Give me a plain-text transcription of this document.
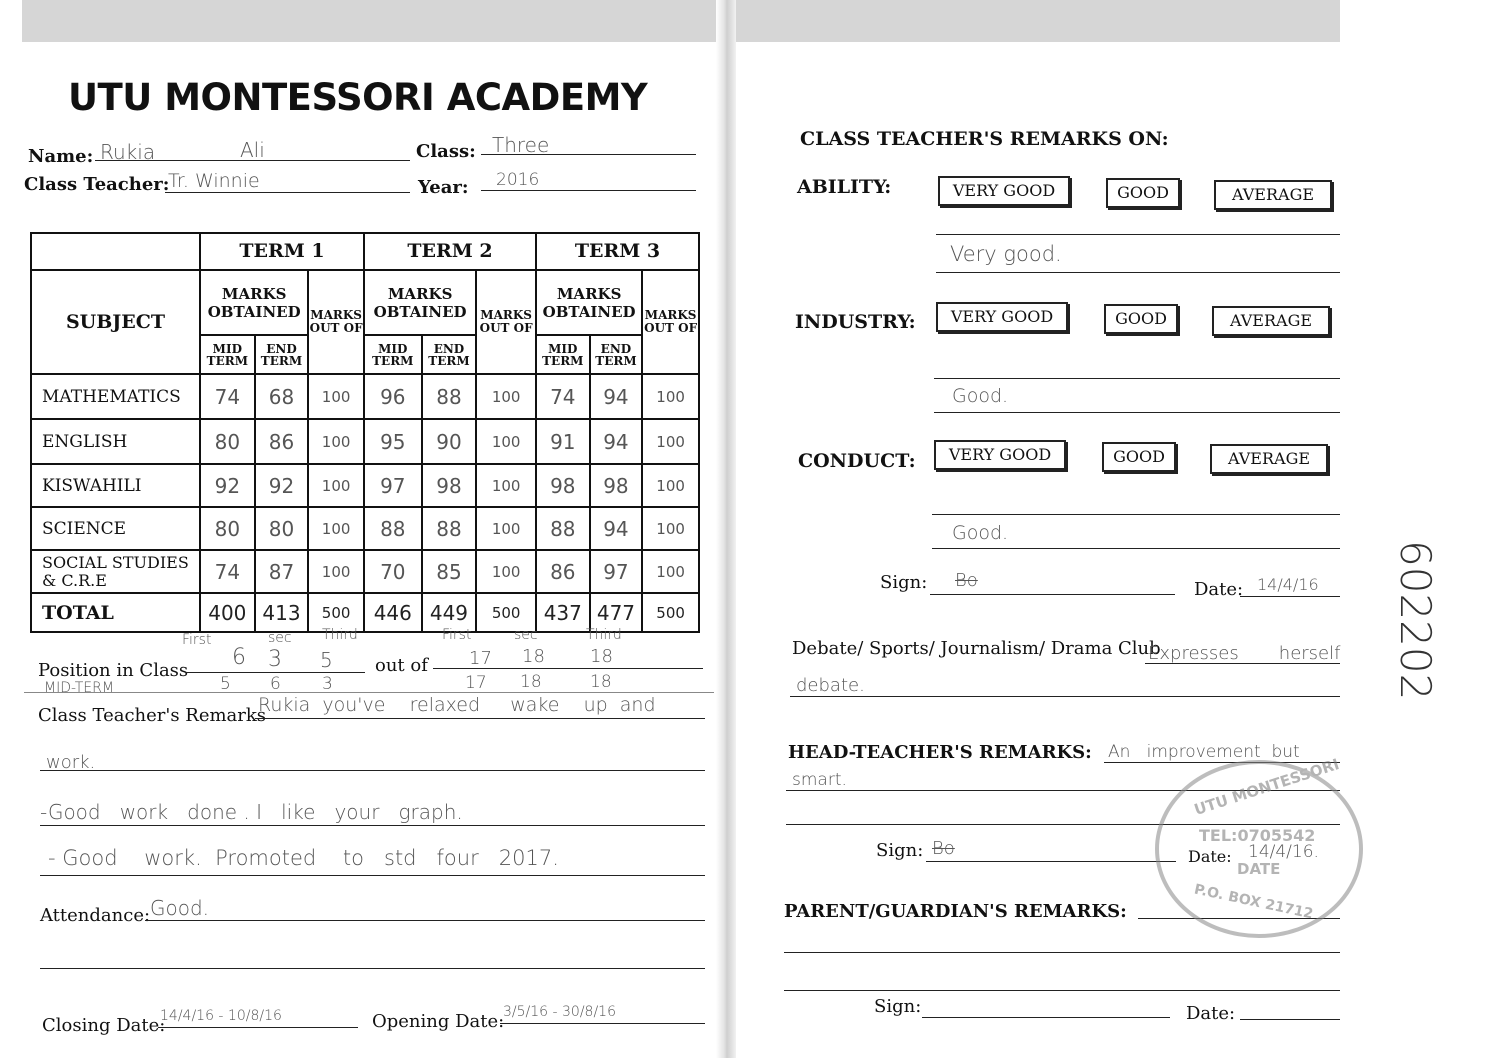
UTU MONTESSORI ACADEMY
Name: Rukia	Ali	Class: Three
Class Teacher:
Tr. Winnie	Year: 2016
	TERM 1			TERM 2			TERM 3		
SUBJECT	MARKS OBTAINED		MARKS OUT OF	MARKS OBTAINED		MARKS OUT OF	MARKS OBTAINED		MARKS OUT OF
	MID TERM	END TERM		MID TERM	END TERM		MID TERM	END TERM	
MATHEMATICS	74	68	100	96	88	100	74	94	100
ENGLISH	80	86	100	95	90	100	91	94	100
KISWAHILI	92	92	100	97	98	100	98	98	100
SCIENCE	80	80	100	88	88	100	88	94	100
SOCIAL STUDIES & C.R.E	74	87	100	70	85	100	86	97	100
TOTAL	400	413	500	446	449	500	437	477	500
Position in Class
MID-TERM
First	sec Third
6 3 5
5 6 3
out of
First	sec	Third
17 18	18
17 18	18
Class Teacher's Remarks
Rukia  you've    relaxed     wake    up  and
work.
-Good   work   done . I   like   your   graph.
- Good    work.  Promoted    to   std   four   2017.
Attendance: Good.
Closing Date:
14/4/16 - 10/8/16	Opening Date:
3/5/16 - 30/8/16
CLASS TEACHER'S REMARKS ON:
ABILITY:	VERY GOOD	GOOD	AVERAGE
Very good.
INDUSTRY:	VERY GOOD	GOOD	AVERAGE
Good.
CONDUCT:	VERY GOOD	GOOD	AVERAGE
Good.
Sign: Bo	Date: 14/4/16
Debate/ Sports/ Journalism/ Drama Club
Expresses       herself
debate.
HEAD-TEACHER'S REMARKS: An   improvement  but
smart.
Sign: Bo	Date: 14/4/16.
PARENT/GUARDIAN'S REMARKS:
Sign:	Date:
UTU MONTESSORI
TEL:0705542
DATE
P.O. BOX 21712
602202
